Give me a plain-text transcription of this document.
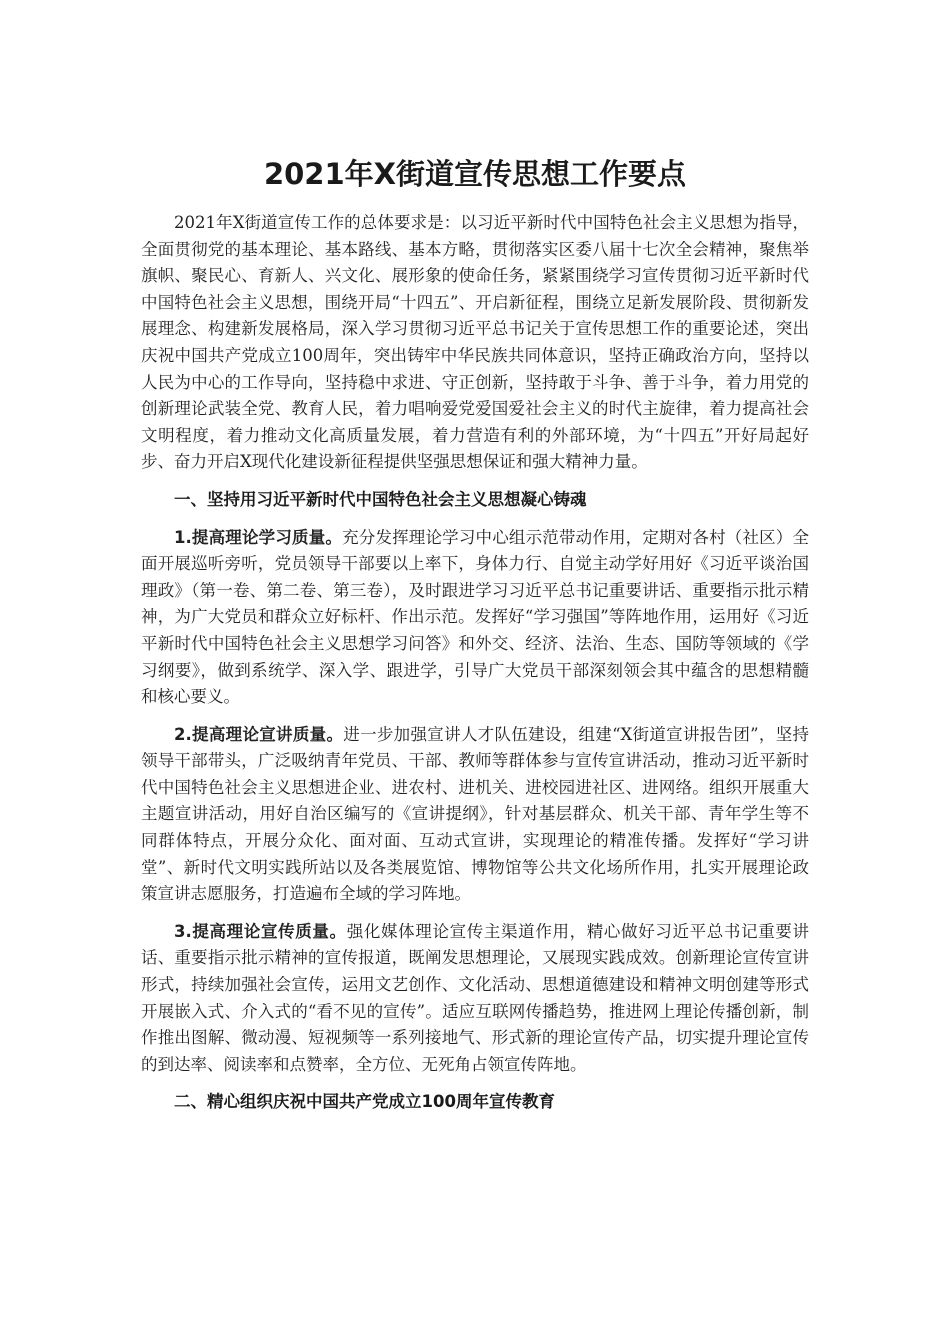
2021年X街道宣传思想工作要点

2021年X街道宣传工作的总体要求是：以习近平新时代中国特色社会主义思想为指导，全面贯彻党的基本理论、基本路线、基本方略，贯彻落实区委八届十七次全会精神，聚焦举旗帜、聚民心、育新人、兴文化、展形象的使命任务，紧紧围绕学习宣传贯彻习近平新时代中国特色社会主义思想，围绕开局“十四五”、开启新征程，围绕立足新发展阶段、贯彻新发展理念、构建新发展格局，深入学习贯彻习近平总书记关于宣传思想工作的重要论述，突出庆祝中国共产党成立100周年，突出铸牢中华民族共同体意识，坚持正确政治方向，坚持以人民为中心的工作导向，坚持稳中求进、守正创新，坚持敢于斗争、善于斗争，着力用党的创新理论武装全党、教育人民，着力唱响爱党爱国爱社会主义的时代主旋律，着力提高社会文明程度，着力推动文化高质量发展，着力营造有利的外部环境，为“十四五”开好局起好步、奋力开启X现代化建设新征程提供坚强思想保证和强大精神力量。

一、坚持用习近平新时代中国特色社会主义思想凝心铸魂

1.提高理论学习质量。充分发挥理论学习中心组示范带动作用，定期对各村（社区）全面开展巡听旁听，党员领导干部要以上率下，身体力行、自觉主动学好用好《习近平谈治国理政》（第一卷、第二卷、第三卷），及时跟进学习习近平总书记重要讲话、重要指示批示精神，为广大党员和群众立好标杆、作出示范。发挥好“学习强国”等阵地作用，运用好《习近平新时代中国特色社会主义思想学习问答》和外交、经济、法治、生态、国防等领域的《学习纲要》，做到系统学、深入学、跟进学，引导广大党员干部深刻领会其中蕴含的思想精髓和核心要义。

2.提高理论宣讲质量。进一步加强宣讲人才队伍建设，组建“X街道宣讲报告团”，坚持领导干部带头，广泛吸纳青年党员、干部、教师等群体参与宣传宣讲活动，推动习近平新时代中国特色社会主义思想进企业、进农村、进机关、进校园进社区、进网络。组织开展重大主题宣讲活动，用好自治区编写的《宣讲提纲》，针对基层群众、机关干部、青年学生等不同群体特点，开展分众化、面对面、互动式宣讲，实现理论的精准传播。发挥好“学习讲堂”、新时代文明实践所站以及各类展览馆、博物馆等公共文化场所作用，扎实开展理论政策宣讲志愿服务，打造遍布全域的学习阵地。

3.提高理论宣传质量。强化媒体理论宣传主渠道作用，精心做好习近平总书记重要讲话、重要指示批示精神的宣传报道，既阐发思想理论，又展现实践成效。创新理论宣传宣讲形式，持续加强社会宣传，运用文艺创作、文化活动、思想道德建设和精神文明创建等形式开展嵌入式、介入式的“看不见的宣传”。适应互联网传播趋势，推进网上理论传播创新，制作推出图解、微动漫、短视频等一系列接地气、形式新的理论宣传产品，切实提升理论宣传的到达率、阅读率和点赞率，全方位、无死角占领宣传阵地。

二、精心组织庆祝中国共产党成立100周年宣传教育
